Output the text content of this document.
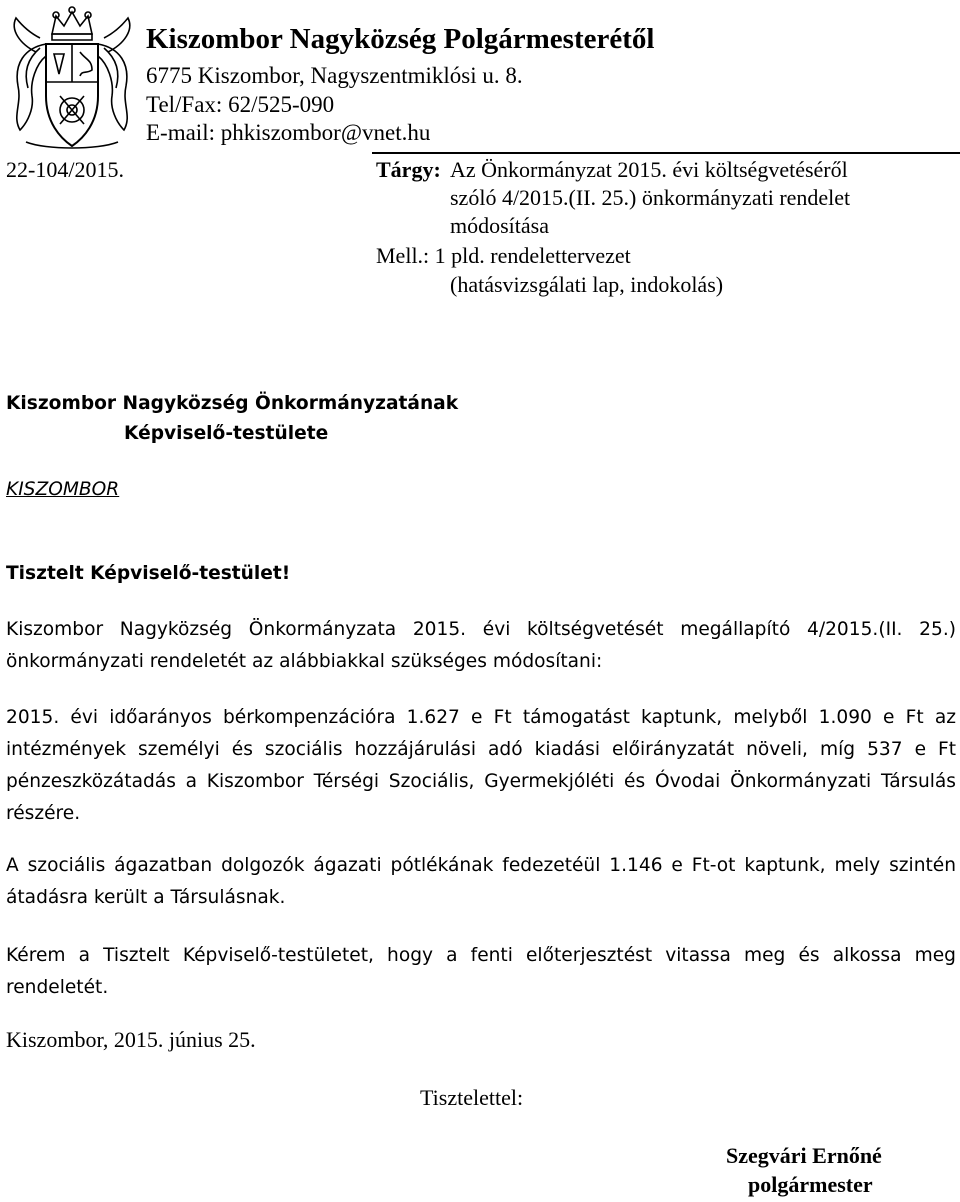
Kiszombor Nagyközség Polgármesterétől
6775 Kiszombor, Nagyszentmiklósi u. 8.
Tel/Fax: 62/525-090
E-mail: phkiszombor@vnet.hu
22-104/2015.	Tárgy: Az Önkormányzat 2015. évi költségvetéséről
szóló 4/2015.(II. 25.) önkormányzati rendelet
módosítása
Mell.: 1 pld. rendelettervezet
(hatásvizsgálati lap, indokolás)
Kiszombor Nagyközség Önkormányzatának
Képviselő-testülete
KISZOMBOR
Tisztelt Képviselő-testület!
Kiszombor Nagyközség Önkormányzata 2015. évi költségvetését megállapító 4/2015.(II. 25.) önkormányzati rendeletét az alábbiakkal szükséges módosítani:
2015. évi időarányos bérkompenzációra 1.627 e Ft támogatást kaptunk, melyből 1.090 e Ft az intézmények személyi és szociális hozzájárulási adó kiadási előirányzatát növeli, míg 537 e Ft pénzeszközátadás a Kiszombor Térségi Szociális, Gyermekjóléti és Óvodai Önkormányzati Társulás részére.
A szociális ágazatban dolgozók ágazati pótlékának fedezetéül 1.146 e Ft-ot kaptunk, mely szintén átadásra került a Társulásnak.
Kérem a Tisztelt Képviselő-testületet, hogy a fenti előterjesztést vitassa meg és alkossa meg rendeletét.
Kiszombor, 2015. június 25.
Tisztelettel:
Szegvári Ernőné
polgármester
